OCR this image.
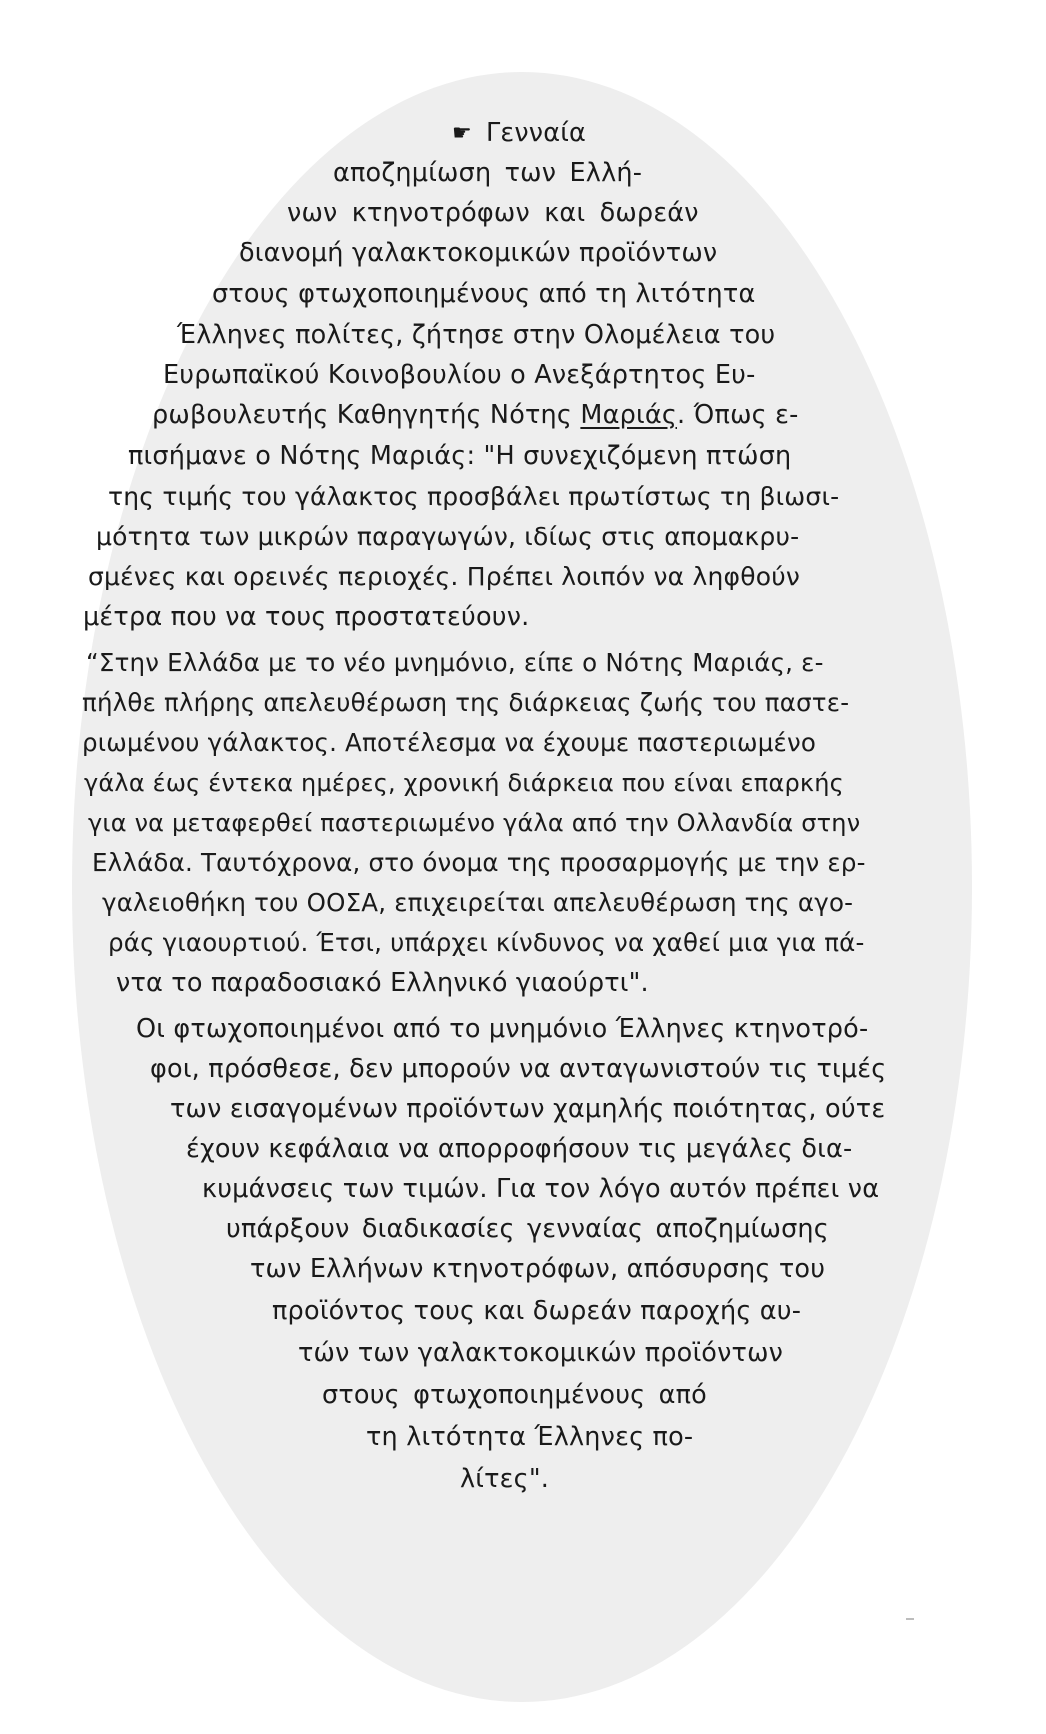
☛ Γενναία
αποζημίωση των Ελλή-
νων κτηνοτρόφων και δωρεάν
διανομή γαλακτοκομικών προϊόντων
στους φτωχοποιημένους από τη λιτότητα
Έλληνες πολίτες, ζήτησε στην Ολομέλεια του
Ευρωπαϊκού Κοινοβουλίου ο Ανεξάρτητος Ευ-
ρωβουλευτής Καθηγητής Νότης Μαριάς. Όπως ε-
πισήμανε ο Νότης Μαριάς: "Η συνεχιζόμενη πτώση
της τιμής του γάλακτος προσβάλει πρωτίστως τη βιωσι-
μότητα των μικρών παραγωγών, ιδίως στις απομακρυ-
σμένες και ορεινές περιοχές. Πρέπει λοιπόν να ληφθούν
μέτρα που να τους προστατεύουν.
“Στην Ελλάδα με το νέο μνημόνιο, είπε ο Νότης Μαριάς, ε-
πήλθε πλήρης απελευθέρωση της διάρκειας ζωής του παστε-
ριωμένου γάλακτος. Αποτέλεσμα να έχουμε παστεριωμένο
γάλα έως έντεκα ημέρες, χρονική διάρκεια που είναι επαρκής
για να μεταφερθεί παστεριωμένο γάλα από την Ολλανδία στην
Ελλάδα. Ταυτόχρονα, στο όνομα της προσαρμογής με την ερ-
γαλειοθήκη του ΟΟΣΑ, επιχειρείται απελευθέρωση της αγο-
ράς γιαουρτιού. Έτσι, υπάρχει κίνδυνος να χαθεί μια για πά-
ντα το παραδοσιακό Ελληνικό γιαούρτι".
Οι φτωχοποιημένοι από το μνημόνιο Έλληνες κτηνοτρό-
φοι, πρόσθεσε, δεν μπορούν να ανταγωνιστούν τις τιμές
των εισαγομένων προϊόντων χαμηλής ποιότητας, ούτε
έχουν κεφάλαια να απορροφήσουν τις μεγάλες δια-
κυμάνσεις των τιμών. Για τον λόγο αυτόν πρέπει να
υπάρξουν διαδικασίες γενναίας αποζημίωσης
των Ελλήνων κτηνοτρόφων, απόσυρσης του
προϊόντος τους και δωρεάν παροχής αυ-
τών των γαλακτοκομικών προϊόντων
στους φτωχοποιημένους από
τη λιτότητα Έλληνες πο-
λίτες".
